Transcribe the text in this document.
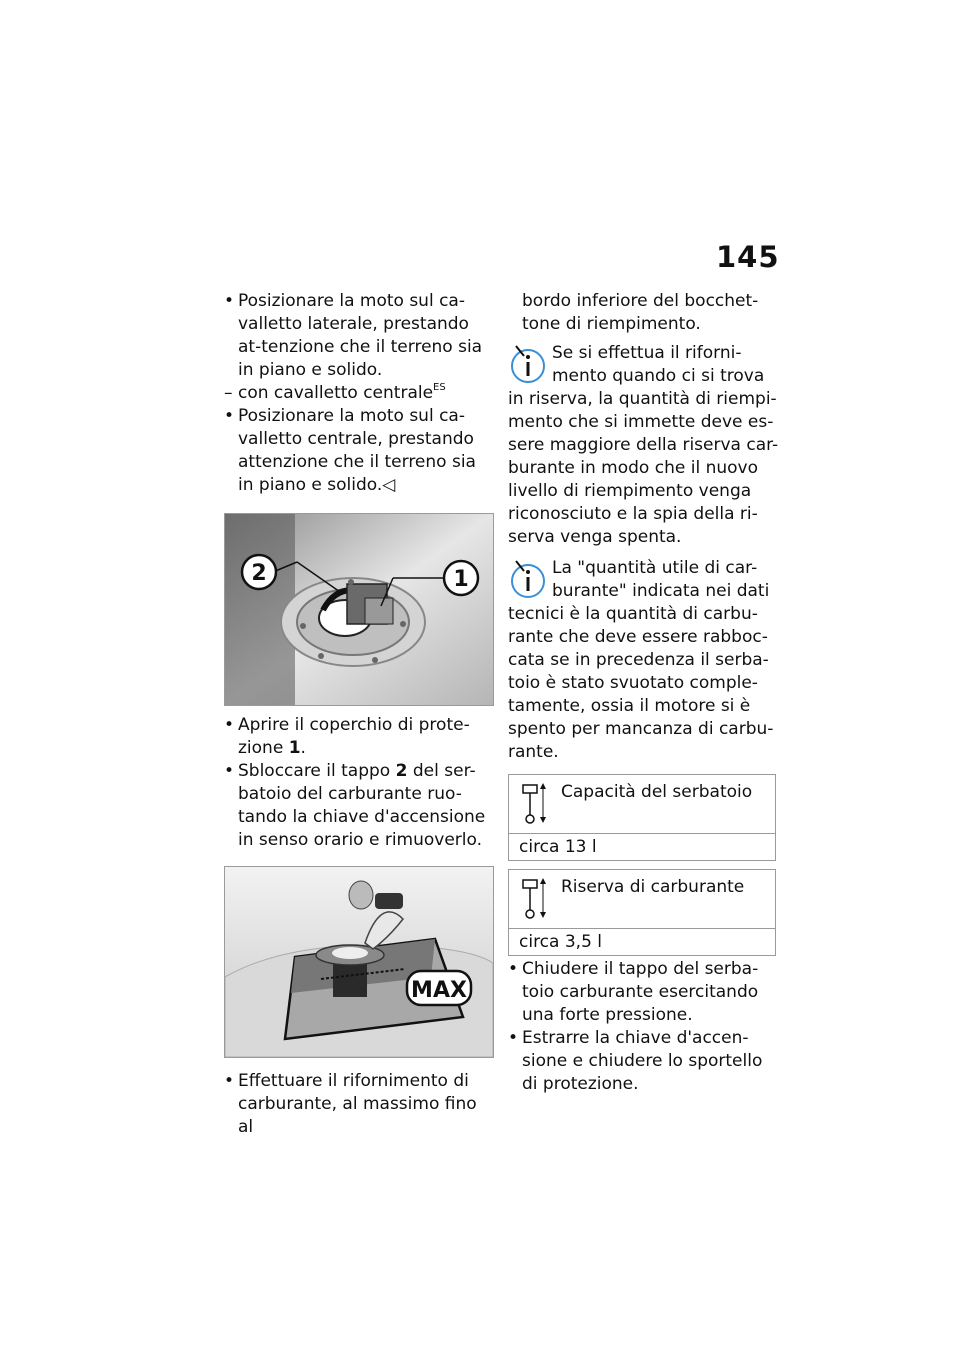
145

• Posizionare la moto sul ca-valletto laterale, prestando at-tenzione che il terreno sia in piano e solido.

– con cavalletto centrale$^{ES}$

• Posizionare la moto sul ca-valletto centrale, prestando attenzione che il terreno sia in piano e solido.◁

2	1

• Aprire il coperchio di prote-zione 1.

• Sbloccare il tappo 2 del ser-batoio del carburante ruo-tando la chiave d'accensione in senso orario e rimuoverlo.

MAX

• Effettuare il rifornimento di carburante, al massimo fino al

bordo inferiore del bocchet-tone di riempimento.

Se si effettua il riforni-mento quando ci si trova in riserva, la quantità di riempi-mento che si immette deve es-sere maggiore della riserva car-burante in modo che il nuovo livello di riempimento venga riconosciuto e la spia della ri-serva venga spenta.

La "quantità utile di car-burante" indicata nei dati tecnici è la quantità di carbu-rante che deve essere rabboc-cata se in precedenza il serba-toio è stato svuotato comple-tamente, ossia il motore si è spento per mancanza di carbu-rante.

Capacità del serbatoio
circa 13 l
Riserva di carburante
circa 3,5 l

• Chiudere il tappo del serba-toio carburante esercitando una forte pressione.

• Estrarre la chiave d'accen-sione e chiudere lo sportello di protezione.
